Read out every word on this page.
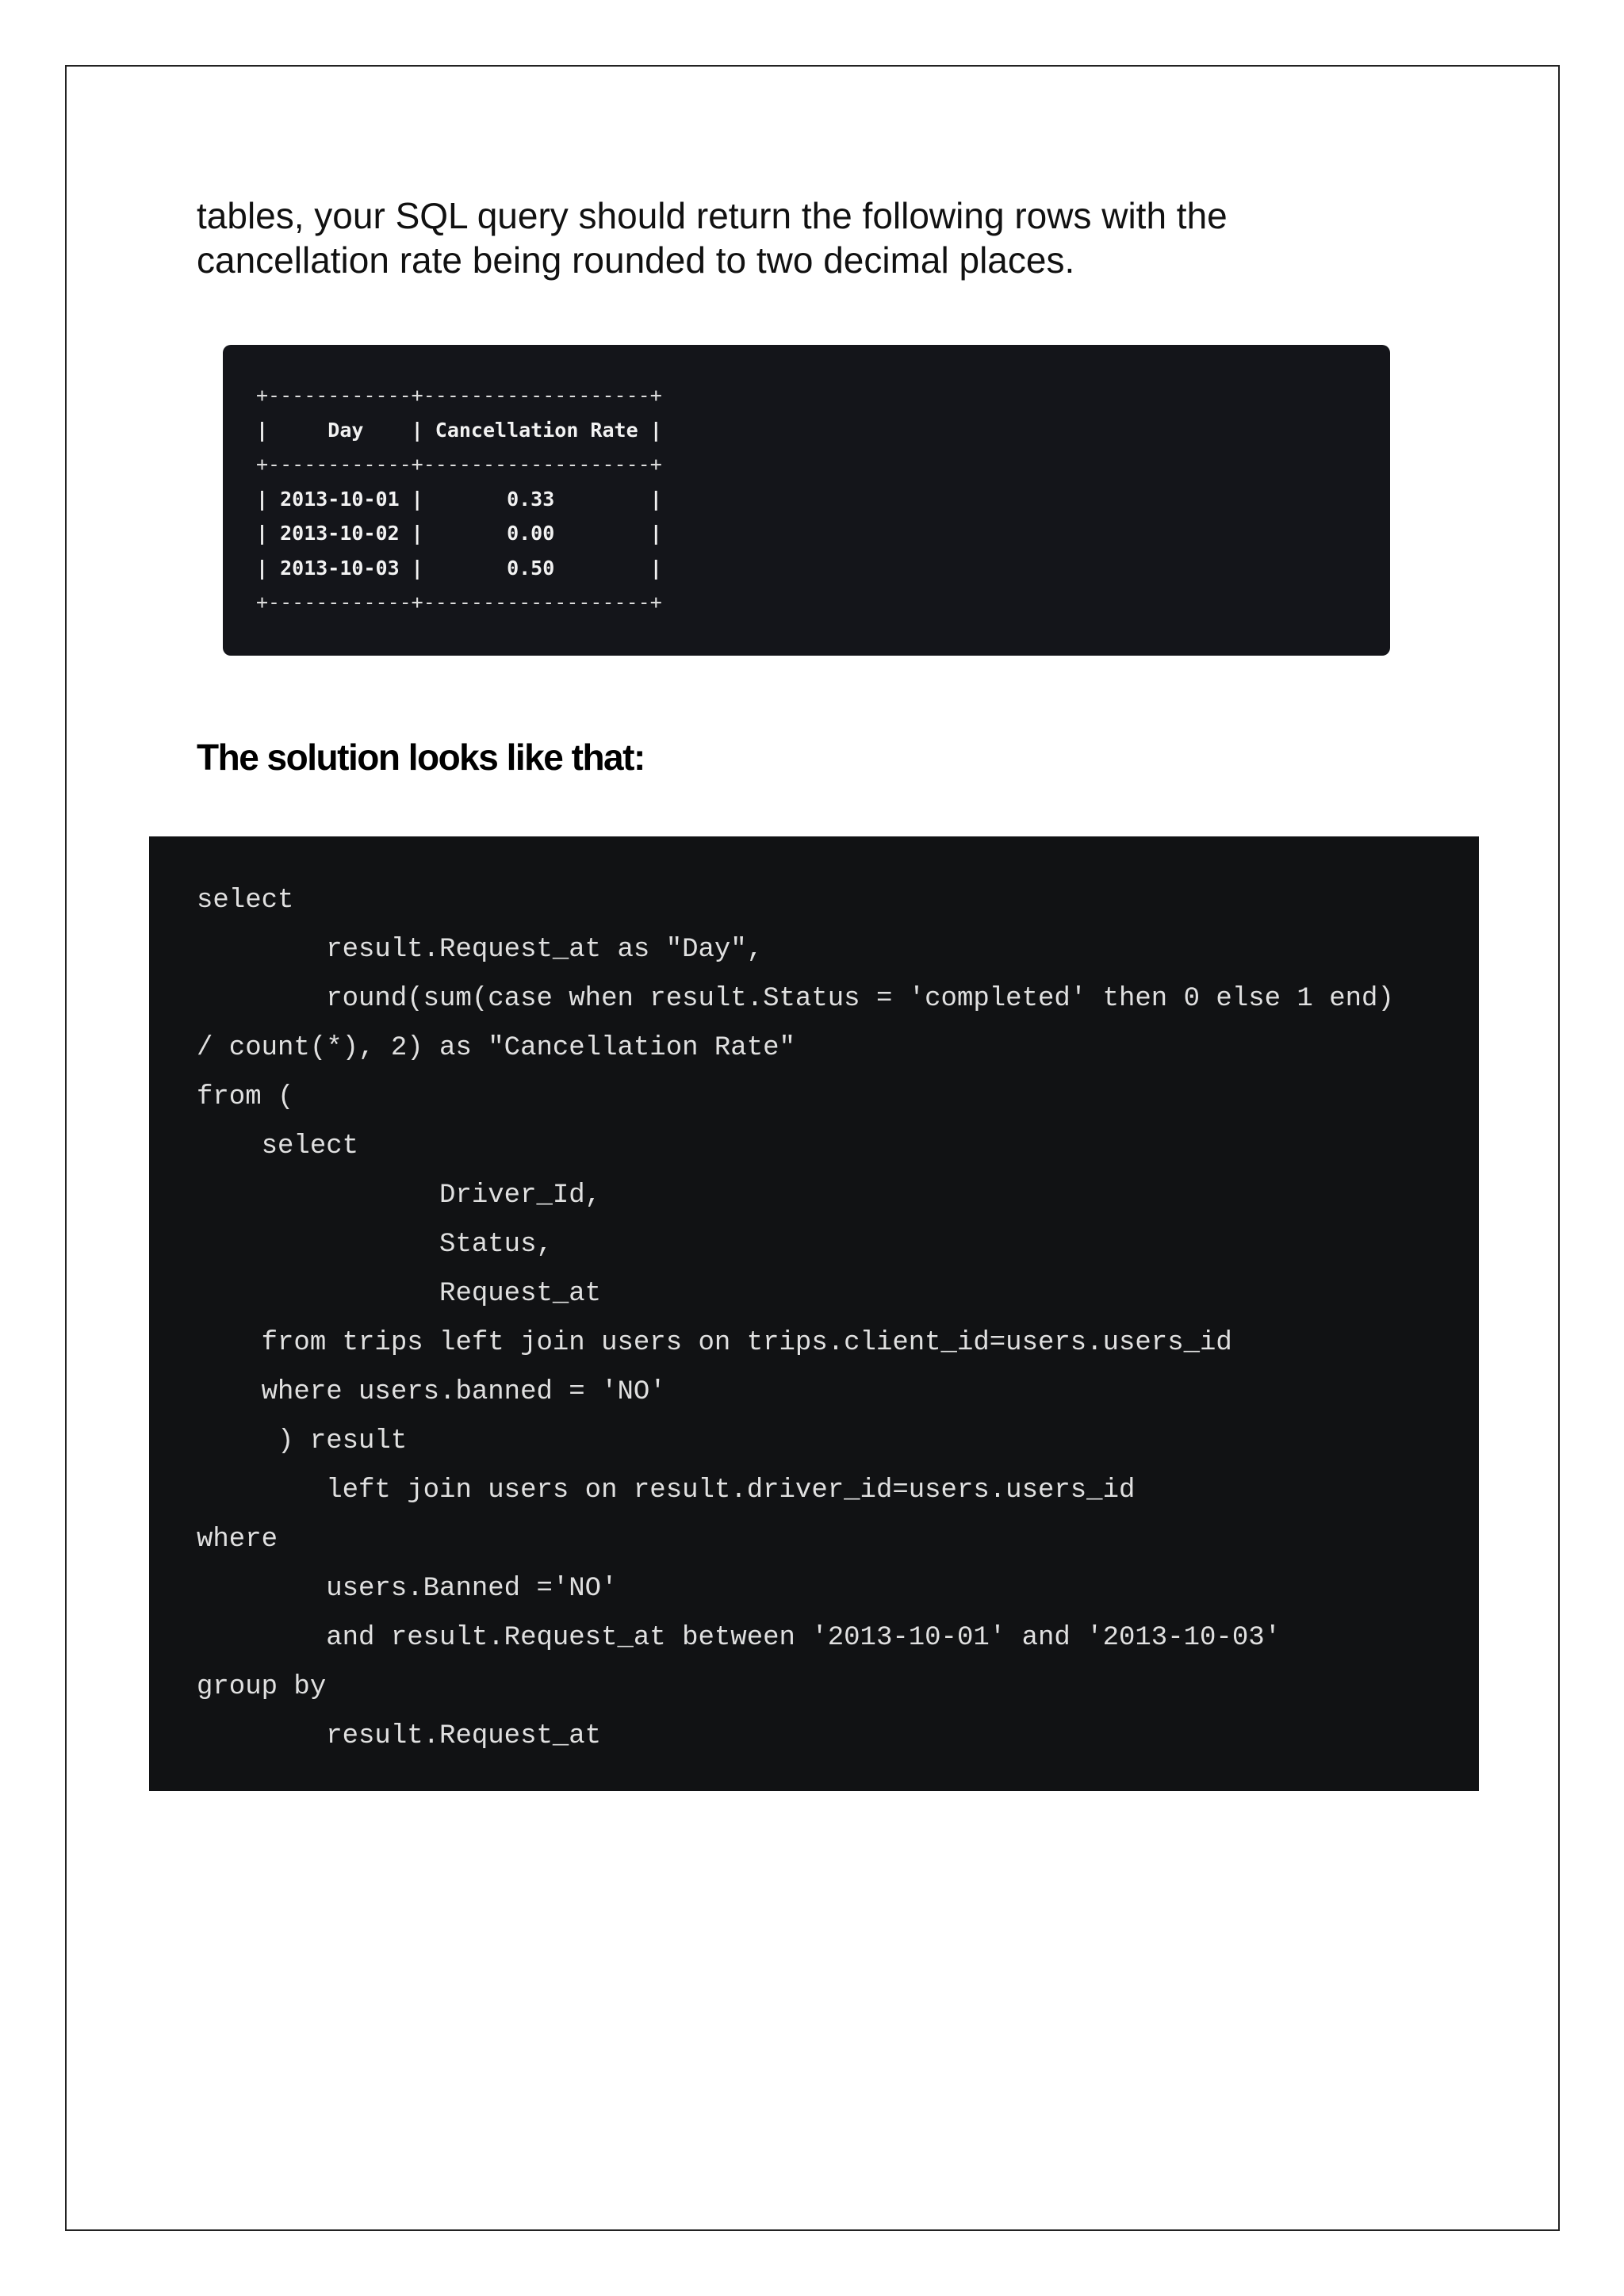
tables, your SQL query should return the following rows with the
cancellation rate being rounded to two decimal places.

+------------+-------------------+
|     Day    | Cancellation Rate |
+------------+-------------------+
| 2013-10-01 |       0.33        |
| 2013-10-02 |       0.00        |
| 2013-10-03 |       0.50        |
+------------+-------------------+
The solution looks like that:
select
result.Request_at as "Day",
round(sum(case when result.Status = 'completed' then 0 else 1 end)
/ count(*), 2) as "Cancellation Rate"
from (
select
Driver_Id,
Status,
Request_at
from trips left join users on trips.client_id=users.users_id
where users.banned = 'NO'
) result
left join users on result.driver_id=users.users_id
where
users.Banned ='NO'
and result.Request_at between '2013-10-01' and '2013-10-03'
group by
result.Request_at
